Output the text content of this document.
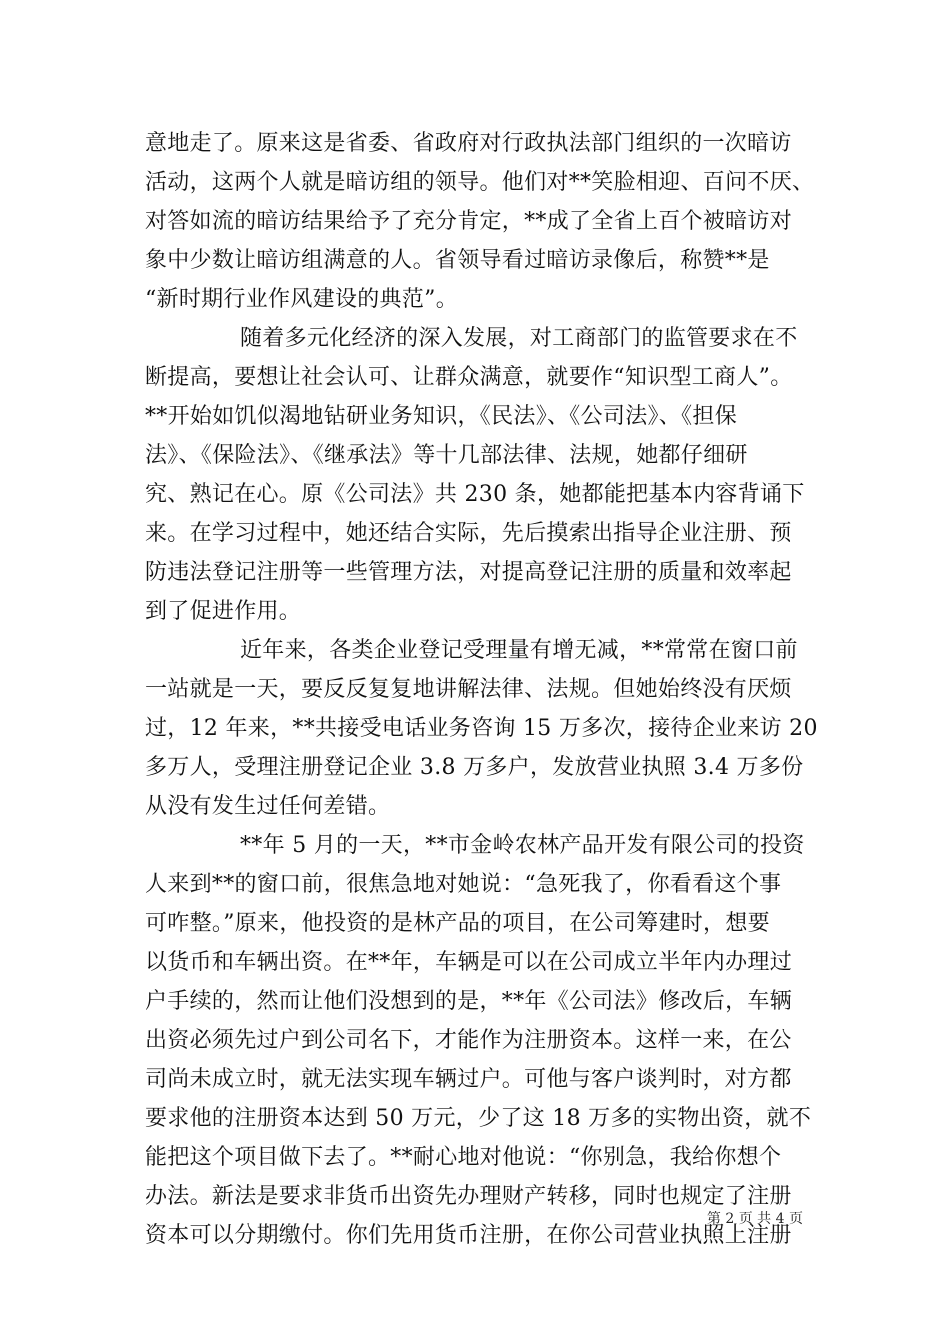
意地走了。原来这是省委、省政府对行政执法部门组织的一次暗访
活动，这两个人就是暗访组的领导。他们对**笑脸相迎、百问不厌、
对答如流的暗访结果给予了充分肯定，**成了全省上百个被暗访对
象中少数让暗访组满意的人。省领导看过暗访录像后，称赞**是
“新时期行业作风建设的典范”。

随着多元化经济的深入发展，对工商部门的监管要求在不
断提高，要想让社会认可、让群众满意，就要作“知识型工商人”。
**开始如饥似渴地钻研业务知识，《民法》、《公司法》、《担保
法》、《保险法》、《继承法》等十几部法律、法规，她都仔细研
究、熟记在心。原《公司法》共 230 条，她都能把基本内容背诵下
来。在学习过程中，她还结合实际，先后摸索出指导企业注册、预
防违法登记注册等一些管理方法，对提高登记注册的质量和效率起
到了促进作用。

近年来，各类企业登记受理量有增无减，**常常在窗口前
一站就是一天，要反反复复地讲解法律、法规。但她始终没有厌烦
过，12 年来，**共接受电话业务咨询 15 万多次，接待企业来访 20
多万人，受理注册登记企业 3.8 万多户，发放营业执照 3.4 万多份
从没有发生过任何差错。

**年 5 月的一天，**市金岭农林产品开发有限公司的投资
人来到**的窗口前，很焦急地对她说：“急死我了，你看看这个事
可咋整。”原来，他投资的是林产品的项目，在公司筹建时，想要
以货币和车辆出资。在**年，车辆是可以在公司成立半年内办理过
户手续的，然而让他们没想到的是，**年《公司法》修改后，车辆
出资必须先过户到公司名下，才能作为注册资本。这样一来，在公
司尚未成立时，就无法实现车辆过户。可他与客户谈判时，对方都
要求他的注册资本达到 50 万元，少了这 18 万多的实物出资，就不
能把这个项目做下去了。**耐心地对他说：“你别急，我给你想个
办法。新法是要求非货币出资先办理财产转移，同时也规定了注册
资本可以分期缴付。你们先用货币注册，在你公司营业执照上注册

第 2 页 共 4 页
